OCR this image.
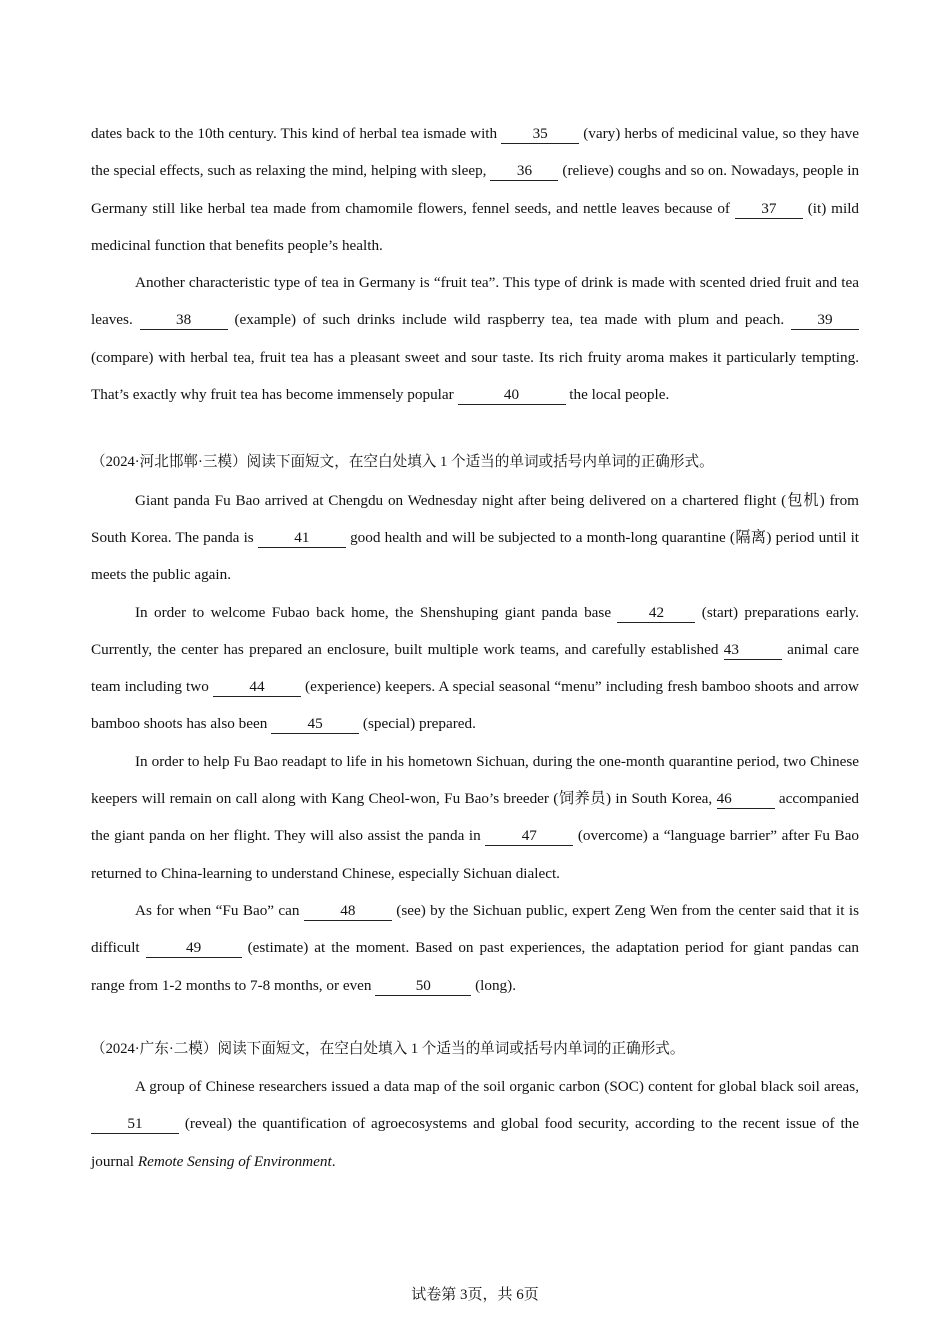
dates back to the 10th century. This kind of herbal tea ismade with 35 (vary) herbs of medicinal value, so they have the special effects, such as relaxing the mind, helping with sleep, 36 (relieve) coughs and so on. Nowadays, people in Germany still like herbal tea made from chamomile flowers, fennel seeds, and nettle leaves because of 37 (it) mild medicinal function that benefits people’s health.

Another characteristic type of tea in Germany is “fruit tea”. This type of drink is made with scented dried fruit and tea leaves.	38	(example) of such drinks include wild raspberry tea, tea made with plum and peach. 39 (compare) with herbal tea, fruit tea has a pleasant sweet and sour taste. Its rich fruity aroma makes it particularly tempting. That’s exactly why fruit tea has become immensely popular	40	the local people.

（2024·河北邯郸·三模）阅读下面短文，在空白处填入 1 个适当的单词或括号内单词的正确形式。

Giant panda Fu Bao arrived at Chengdu on Wednesday night after being delivered on a chartered flight (包机) from South Korea. The panda is	41	good health and will be subjected to a month-long quarantine (隔离) period until it meets the public again.

In order to welcome Fubao back home, the Shenshuping giant panda base 42 (start) preparations early. Currently, the center has prepared an enclosure, built multiple work teams, and carefully established 43	animal care team including two	44	(experience) keepers. A special seasonal “menu” including fresh bamboo shoots and arrow bamboo shoots has also been	45	(special) prepared.

In order to help Fu Bao readapt to life in his hometown Sichuan, during the one-month quarantine period, two Chinese keepers will remain on call along with Kang Cheol-won, Fu Bao’s breeder (饲养员) in South Korea, 46	accompanied the giant panda on her flight. They will also assist the panda in	47	(overcome) a “language barrier” after Fu Bao returned to China-learning to understand Chinese, especially Sichuan dialect.

As for when “Fu Bao” can	48	(see) by the Sichuan public, expert Zeng Wen from the center said that it is difficult	49	(estimate) at the moment. Based on past experiences, the adaptation period for giant pandas can range from 1-2 months to 7-8 months, or even	50	(long).

（2024·广东·二模）阅读下面短文，在空白处填入 1 个适当的单词或括号内单词的正确形式。

A group of Chinese researchers issued a data map of the soil organic carbon (SOC) content for global black soil areas, 51	(reveal) the quantification of agroecosystems and global food security, according to the recent issue of the journal Remote Sensing of Environment.

试卷第 3页，共 6页
